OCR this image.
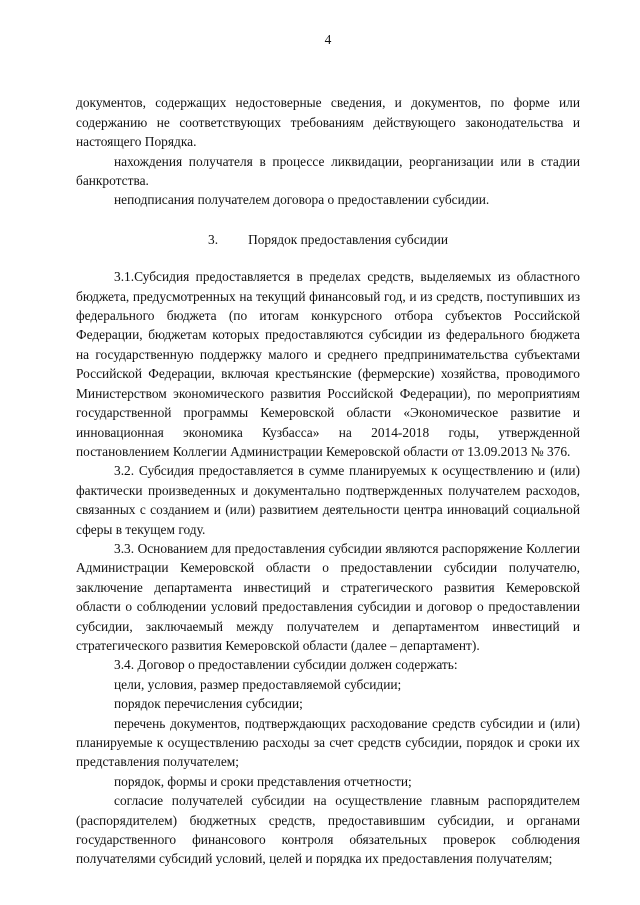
4

документов, содержащих недостоверные сведения, и документов, по форме или содержанию не соответствующих требованиям действующего законодательства и настоящего Порядка.

нахождения получателя в процессе ликвидации, реорганизации или в стадии банкротства.

неподписания получателем договора о предоставлении субсидии.

3. Порядок предоставления субсидии

3.1.Субсидия предоставляется в пределах средств, выделяемых из областного бюджета, предусмотренных на текущий финансовый год, и из средств, поступивших из федерального бюджета (по итогам конкурсного отбора субъектов Российской Федерации, бюджетам которых предоставляются субсидии из федерального бюджета на государственную поддержку малого и среднего предпринимательства субъектами Российской Федерации, включая крестьянские (фермерские) хозяйства, проводимого Министерством экономического развития Российской Федерации), по мероприятиям государственной программы Кемеровской области «Экономическое развитие и инновационная экономика Кузбасса» на 2014-2018 годы, утвержденной постановлением Коллегии Администрации Кемеровской области от 13.09.2013 № 376.

3.2. Субсидия предоставляется в сумме планируемых к осуществлению и (или) фактически произведенных и документально подтвержденных получателем расходов, связанных с созданием и (или) развитием деятельности центра инноваций социальной сферы в текущем году.

3.3. Основанием для предоставления субсидии являются распоряжение Коллегии Администрации Кемеровской области о предоставлении субсидии получателю, заключение департамента инвестиций и стратегического развития Кемеровской области о соблюдении условий предоставления субсидии и договор о предоставлении субсидии, заключаемый между получателем и департаментом инвестиций и стратегического развития Кемеровской области (далее – департамент).

3.4. Договор о предоставлении субсидии должен содержать:

цели, условия, размер предоставляемой субсидии;

порядок перечисления субсидии;

перечень документов, подтверждающих расходование средств субсидии и (или) планируемые к осуществлению расходы за счет средств субсидии, порядок и сроки их представления получателем;

порядок, формы и сроки представления отчетности;

согласие получателей субсидии на осуществление главным распорядителем (распорядителем) бюджетных средств, предоставившим субсидии, и органами государственного финансового контроля обязательных проверок соблюдения получателями субсидий условий, целей и порядка их предоставления получателям;
